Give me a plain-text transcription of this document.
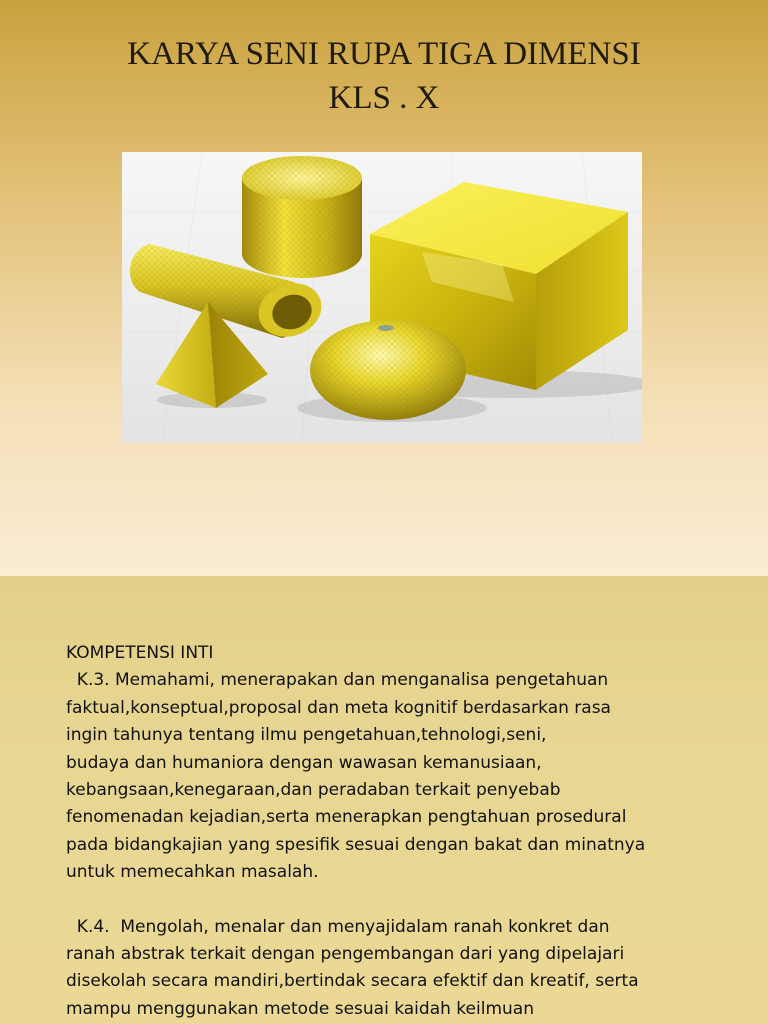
KARYA SENI RUPA TIGA DIMENSI
KLS . X
KOMPETENSI INTI
K.3. Memahami, menerapakan dan menganalisa pengetahuan
faktual,konseptual,proposal dan meta kognitif berdasarkan rasa
ingin tahunya tentang ilmu pengetahuan,tehnologi,seni,
budaya dan humaniora dengan wawasan kemanusiaan,
kebangsaan,kenegaraan,dan peradaban terkait penyebab
fenomenadan kejadian,serta menerapkan pengtahuan prosedural
pada bidangkajian yang spesifik sesuai dengan bakat dan minatnya
untuk memecahkan masalah.
K.4.  Mengolah, menalar dan menyajidalam ranah konkret dan
ranah abstrak terkait dengan pengembangan dari yang dipelajari
disekolah secara mandiri,bertindak secara efektif dan kreatif, serta
mampu menggunakan metode sesuai kaidah keilmuan
